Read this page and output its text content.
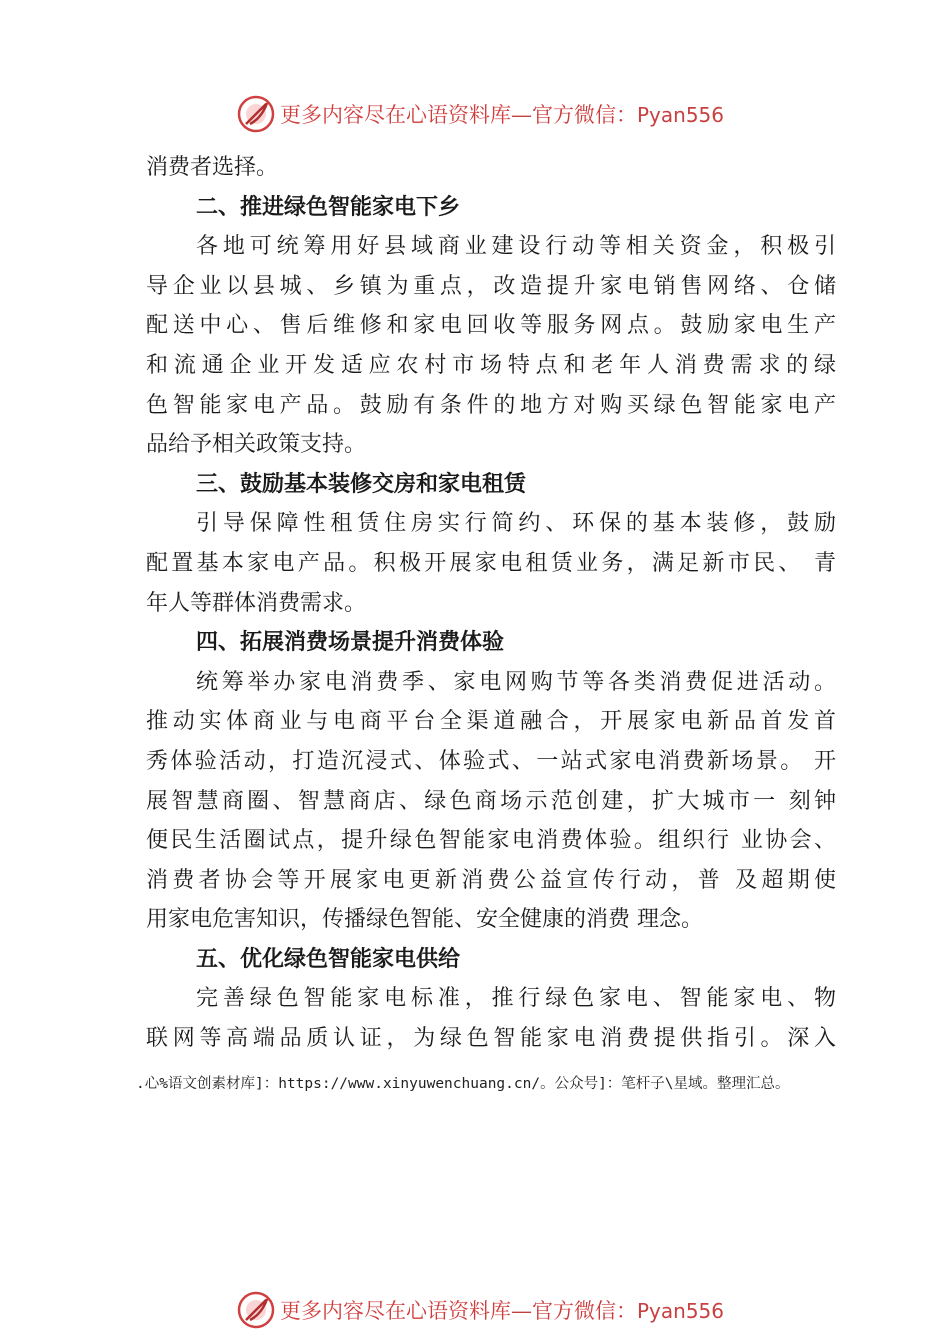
更多内容尽在心语资料库—官方微信：Pyan556
消费者选择。
二、推进绿色智能家电下乡
各地可统筹用好县域商业建设行动等相关资金，积极引
导企业以县城、乡镇为重点，改造提升家电销售网络、仓储
配送中心、售后维修和家电回收等服务网点。鼓励家电生产
和流通企业开发适应农村市场特点和老年人消费需求的绿
色智能家电产品。鼓励有条件的地方对购买绿色智能家电产
品给予相关政策支持。
三、鼓励基本装修交房和家电租赁
引导保障性租赁住房实行简约、环保的基本装修，鼓励
配置基本家电产品。积极开展家电租赁业务，满足新市民、 青
年人等群体消费需求。
四、拓展消费场景提升消费体验
统筹举办家电消费季、家电网购节等各类消费促进活动。
推动实体商业与电商平台全渠道融合，开展家电新品首发首
秀体验活动，打造沉浸式、体验式、一站式家电消费新场景。 开
展智慧商圈、智慧商店、绿色商场示范创建，扩大城市一 刻钟
便民生活圈试点，提升绿色智能家电消费体验。组织行 业协会、
消费者协会等开展家电更新消费公益宣传行动，普 及超期使
用家电危害知识，传播绿色智能、安全健康的消费 理念。
五、优化绿色智能家电供给
完善绿色智能家电标准，推行绿色家电、智能家电、物
联网等高端品质认证，为绿色智能家电消费提供指引。深入
.心%语文创素材库]：https://www.xinyuwenchuang.cn/。公众号]：笔杆子\星域。整理汇总。
更多内容尽在心语资料库—官方微信：Pyan556
